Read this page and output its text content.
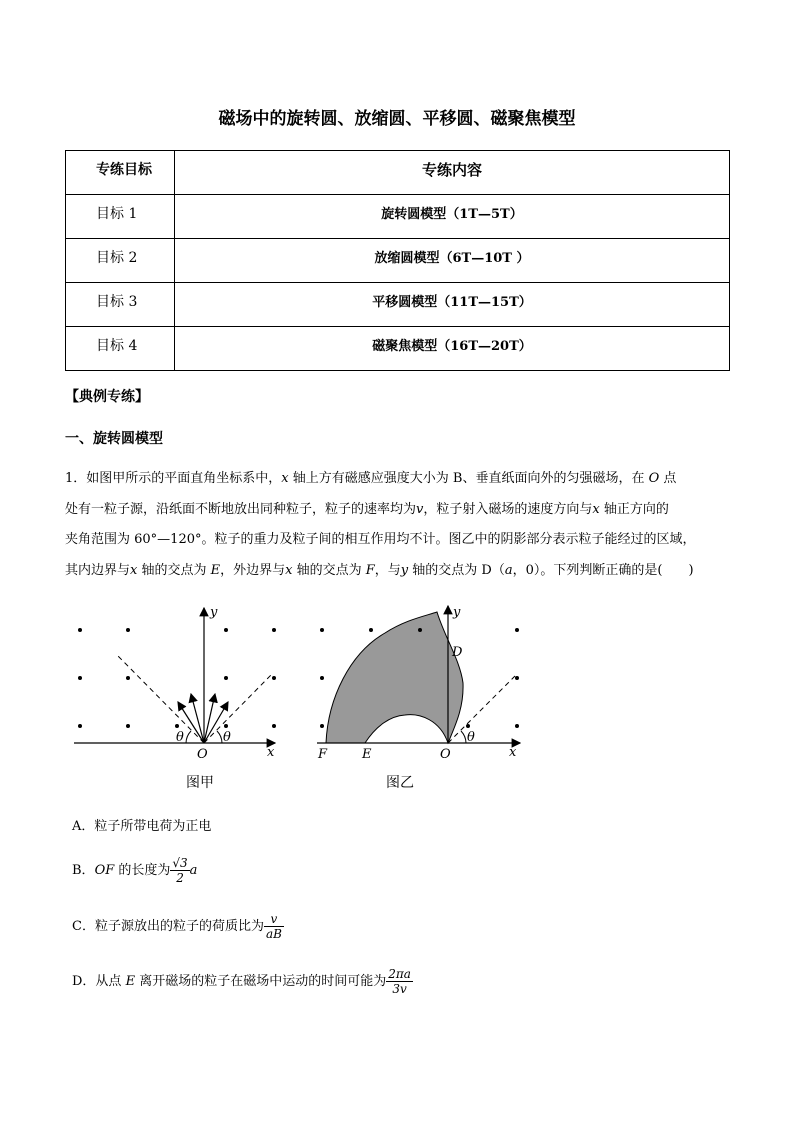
磁场中的旋转圆、放缩圆、平移圆、磁聚焦模型
专练目标	专练内容
目标 1	旋转圆模型（1T—5T）
目标 2	放缩圆模型（6T—10T ）
目标 3	平移圆模型（11T—15T）
目标 4	磁聚焦模型（16T—20T）
【典例专练】
一、旋转圆模型
1．如图甲所示的平面直角坐标系中，x 轴上方有磁感应强度大小为 B、垂直纸面向外的匀强磁场，在 O 点
处有一粒子源，沿纸面不断地放出同种粒子，粒子的速率均为v，粒子射入磁场的速度方向与x 轴正方向的
夹角范围为 60°—120°。粒子的重力及粒子间的相互作用均不计。图乙中的阴影部分表示粒子能经过的区域，
其内边界与x 轴的交点为 E，外边界与x 轴的交点为 F，与y 轴的交点为 D（a，0）。下列判断正确的是(　　)
θ	θ
O	x
y
θ
F	E	O	x
y
D
图甲	图乙
A．粒子所带电荷为正电
B．OF 的长度为 $\frac{√3}{2}$ a
C．粒子源放出的粒子的荷质比为 $\frac{v}{aB}$
D．从点 E 离开磁场的粒子在磁场中运动的时间可能为 $\frac{2\pi a}{3v}$
